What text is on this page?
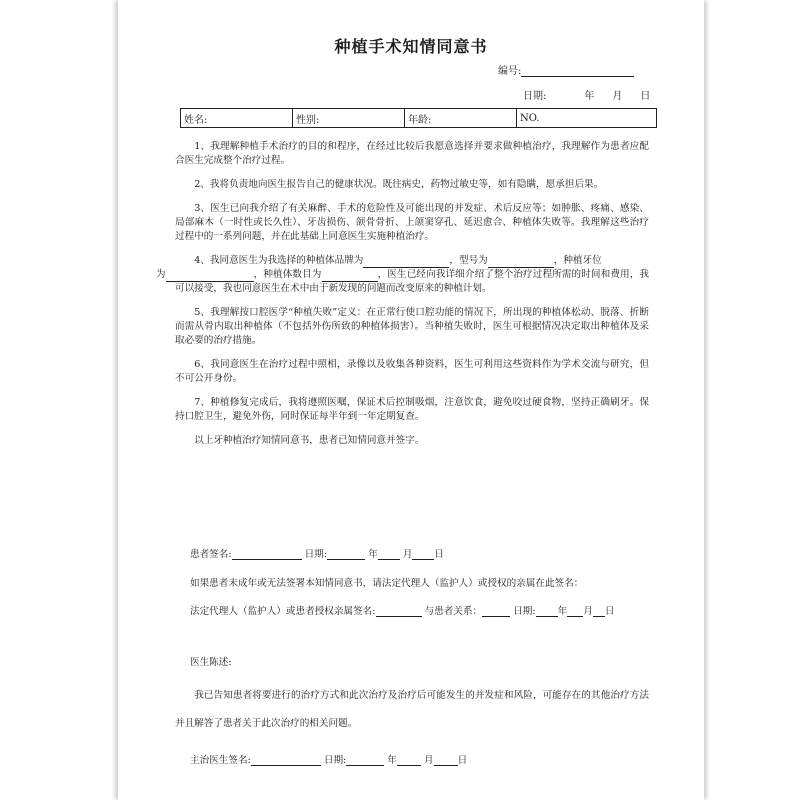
种植手术知情同意书
编号:
日期:	年 月 日
姓名:	性别:	年龄:	NO.

1、我理解种植手术治疗的目的和程序，在经过比较后我愿意选择并要求做种植治疗，我理解作为患者应配合医生完成整个治疗过程。

2、我将负责地向医生报告自己的健康状况。既往病史，药物过敏史等，如有隐瞒，愿承担后果。

3、医生已向我介绍了有关麻醉、手术的危险性及可能出现的并发症、术后反应等；如肿胀、疼痛、感染、局部麻木（一时性或长久性）、牙齿损伤、颌骨骨折、上颌窦穿孔、延迟愈合、种植体失败等。我理解这些治疗过程中的一系列问题，并在此基础上同意医生实施种植治疗。

4、我同意医生为我选择的种植体品牌为	，型号为	，种植牙位
为	，种植体数目为	，医生已经向我详细介绍了整个治疗过程所需的时间和费用，我可以接受，我也同意医生在术中由于新发现的问题而改变原来的种植计划。

5、我理解按口腔医学“种植失败”定义：在正常行使口腔功能的情况下，所出现的种植体松动、脱落、折断而需从骨内取出种植体（不包括外伤所致的种植体损害）。当种植失败时，医生可根据情况决定取出种植体及采取必要的治疗措施。

6、我同意医生在治疗过程中照相，录像以及收集各种资料，医生可利用这些资料作为学术交流与研究，但不可公开身份。

7、种植修复完成后，我将遵照医嘱，保证术后控制吸烟，注意饮食，避免咬过硬食物，坚持正确刷牙。保持口腔卫生，避免外伤，同时保证每半年到一年定期复查。

以上牙种植治疗知情同意书，患者已知情同意并签字。

患者签名:	日期:	年	月 日
如果患者未成年或无法签署本知情同意书，请法定代理人（监护人）或授权的亲属在此签名：
法定代理人（监护人）或患者授权亲属签名:	与患者关系：	日期: 年 月 日
医生陈述:

我已告知患者将要进行的治疗方式和此次治疗及治疗后可能发生的并发症和风险，可能存在的其他治疗方法并且解答了患者关于此次治疗的相关问题。

主治医生签名:	日期:	年	月	日
